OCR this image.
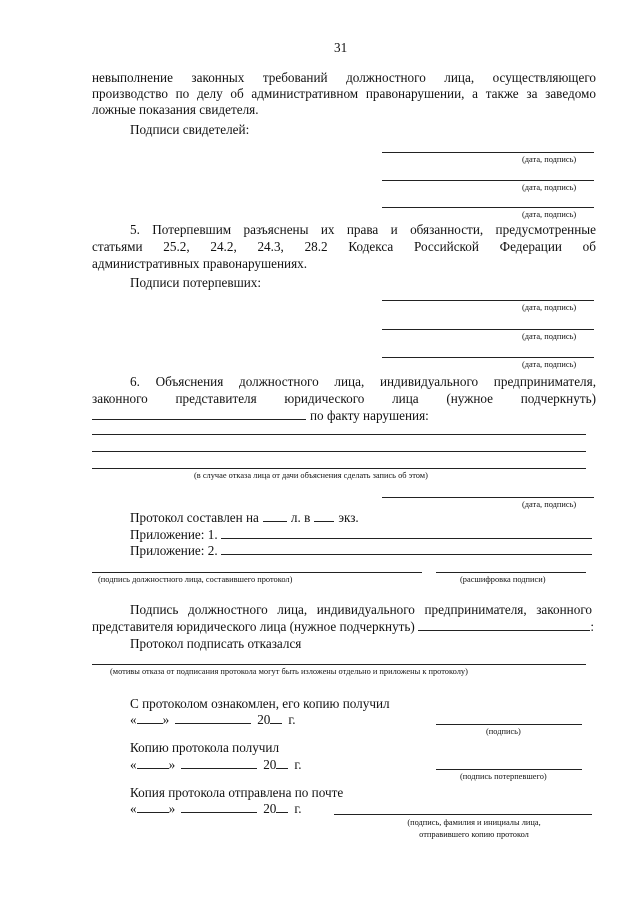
31
невыполнение законных требований должностного лица, осуществляющего
производство по делу об административном правонарушении, а также за заведомо
ложные показания свидетеля.
Подписи свидетелей:
(дата, подпись)
(дата, подпись)
(дата, подпись)
5. Потерпевшим разъяснены их права и обязанности, предусмотренные
статьями 25.2, 24.2, 24.3, 28.2 Кодекса Российской Федерации об
административных правонарушениях.
Подписи потерпевших:
(дата, подпись)
(дата, подпись)
(дата, подпись)
6. Объяснения должностного лица, индивидуального предпринимателя,
законного представителя юридического лица (нужное подчеркнуть)
по факту нарушения:
(в случае отказа лица от дачи объяснения сделать запись об этом)
(дата, подпись)
Протокол составлен на л. в экз.
Приложение: 1.
Приложение: 2.
(подпись должностного лица, составившего протокол)	(расшифровка подписи)
Подпись должностного лица, индивидуального предпринимателя, законного
представителя юридического лица (нужное подчеркнуть)	:
Протокол подписать отказался
(мотивы отказа от подписания протокола могут быть изложены отдельно и приложены к протоколу)
С протоколом ознакомлен, его копию получил
« »	20 г.
(подпись)
Копию протокола получил
« »	20 г.
(подпись потерпевшего)
Копия протокола отправлена по почте
« »	20 г.
(подпись, фамилия и инициалы лица,
отправившего копию протокол
